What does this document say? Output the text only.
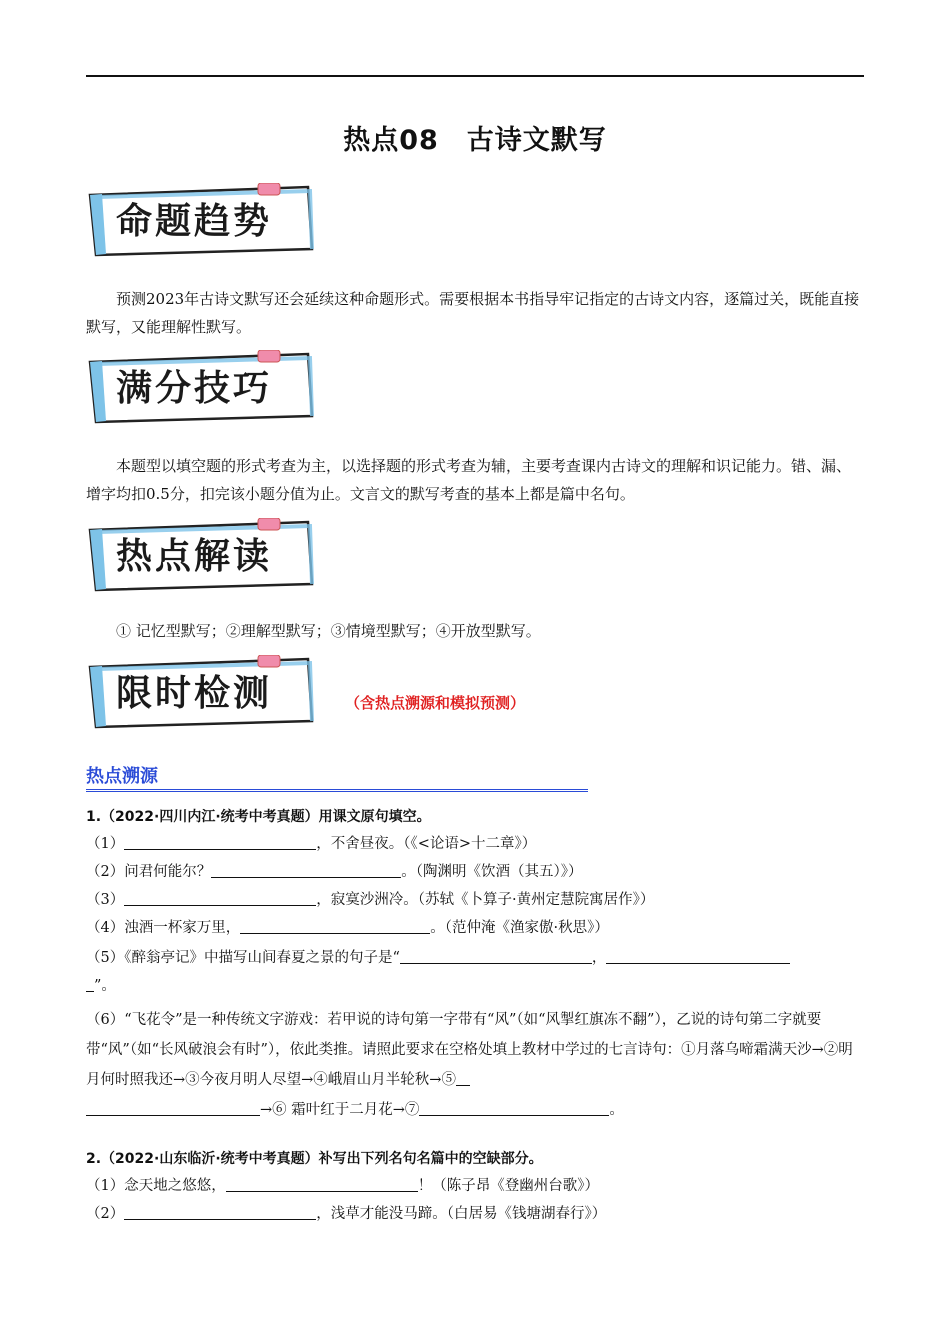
热点08　古诗文默写
命题趋势
预测2023年古诗文默写还会延续这种命题形式。需要根据本书指导牢记指定的古诗文内容，逐篇过关，既能直接默写，又能理解性默写。
满分技巧
本题型以填空题的形式考查为主，以选择题的形式考查为辅，主要考查课内古诗文的理解和识记能力。错、漏、增字均扣0.5分，扣完该小题分值为止。文言文的默写考查的基本上都是篇中名句。
热点解读
① 记忆型默写；②理解型默写；③情境型默写；④开放型默写。
限时检测	（含热点溯源和模拟预测）
热点溯源
1.（2022·四川内江·统考中考真题）用课文原句填空。
（1）	，不舍昼夜。（《<论语>十二章》）
（2）问君何能尔？	。（陶渊明《饮酒（其五）》）
（3）	，寂寞沙洲冷。（苏轼《卜算子·黄州定慧院寓居作》）
（4）浊酒一杯家万里，	。（范仲淹《渔家傲·秋思》）
（5）《醉翁亭记》中描写山间春夏之景的句子是“	，
”。
（6）“飞花令”是一种传统文字游戏：若甲说的诗句第一字带有“风”（如“风掣红旗冻不翻”），乙说的诗句第二字就要带“风”（如“长风破浪会有时”），依此类推。请照此要求在空格处填上教材中学过的七言诗句：①月落乌啼霜满天沙→②明月何时照我还→③今夜月明人尽望→④峨眉山月半轮秋→⑤
→⑥ 霜叶红于二月花→⑦	。
2.（2022·山东临沂·统考中考真题）补写出下列名句名篇中的空缺部分。
（1）念天地之悠悠，	！（陈子昂《登幽州台歌》）
（2）	，浅草才能没马蹄。（白居易《钱塘湖春行》）
